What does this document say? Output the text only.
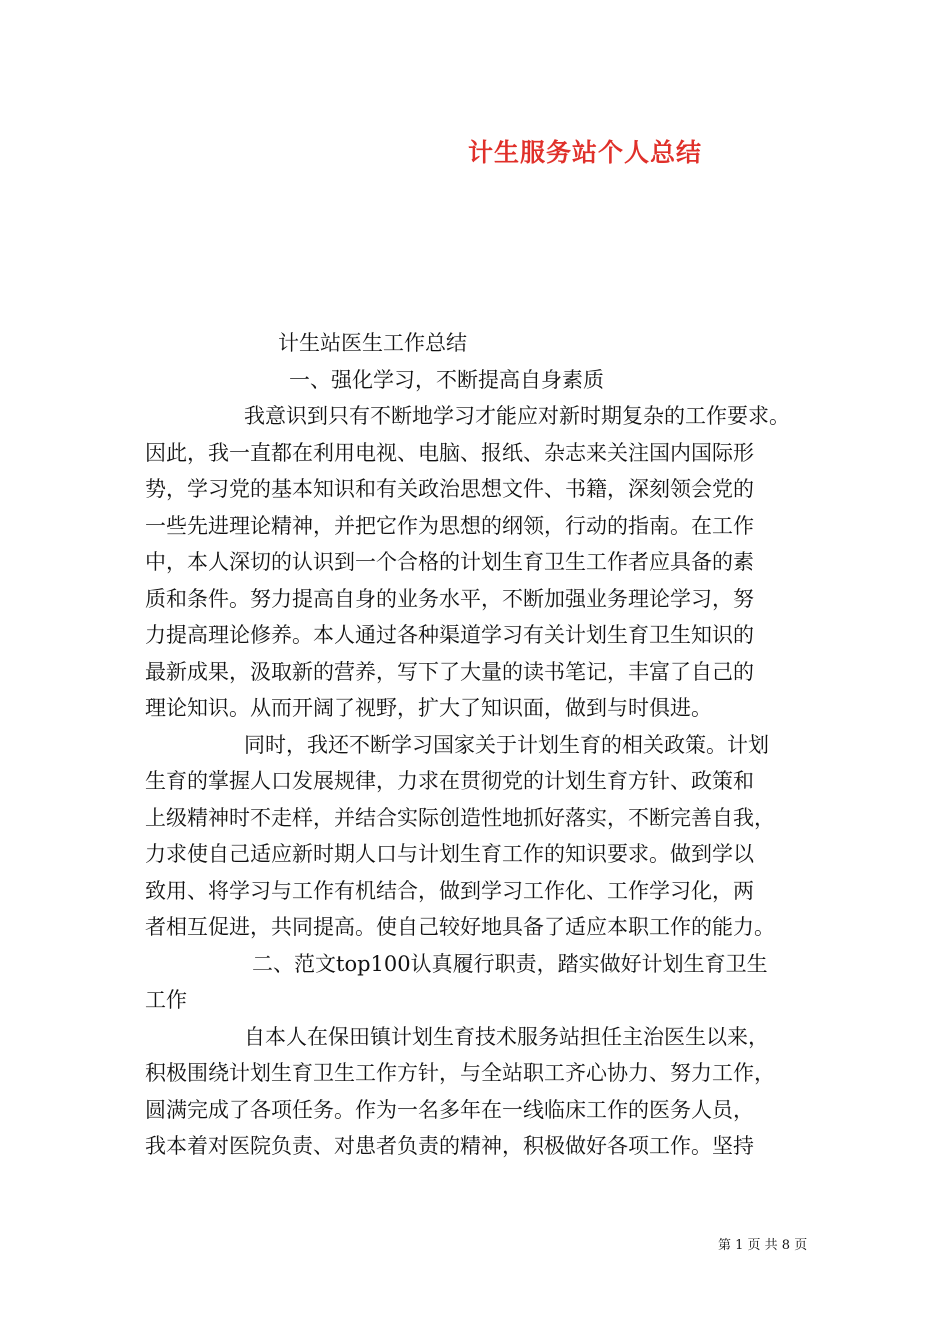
计生服务站个人总结
计生站医生工作总结
一、强化学习，不断提高自身素质
我意识到只有不断地学习才能应对新时期复杂的工作要求。
因此，我一直都在利用电视、电脑、报纸、杂志来关注国内国际形
势，学习党的基本知识和有关政治思想文件、书籍，深刻领会党的
一些先进理论精神，并把它作为思想的纲领，行动的指南。在工作
中，本人深切的认识到一个合格的计划生育卫生工作者应具备的素
质和条件。努力提高自身的业务水平，不断加强业务理论学习，努
力提高理论修养。本人通过各种渠道学习有关计划生育卫生知识的
最新成果，汲取新的营养，写下了大量的读书笔记，丰富了自己的
理论知识。从而开阔了视野，扩大了知识面，做到与时俱进。
同时，我还不断学习国家关于计划生育的相关政策。计划
生育的掌握人口发展规律，力求在贯彻党的计划生育方针、政策和
上级精神时不走样，并结合实际创造性地抓好落实，不断完善自我，
力求使自己适应新时期人口与计划生育工作的知识要求。做到学以
致用、将学习与工作有机结合，做到学习工作化、工作学习化，两
者相互促进，共同提高。使自己较好地具备了适应本职工作的能力。
二、范文top100认真履行职责，踏实做好计划生育卫生
工作
自本人在保田镇计划生育技术服务站担任主治医生以来，
积极围绕计划生育卫生工作方针，与全站职工齐心协力、努力工作，
圆满完成了各项任务。作为一名多年在一线临床工作的医务人员，
我本着对医院负责、对患者负责的精神，积极做好各项工作。坚持
第 1 页 共 8 页
